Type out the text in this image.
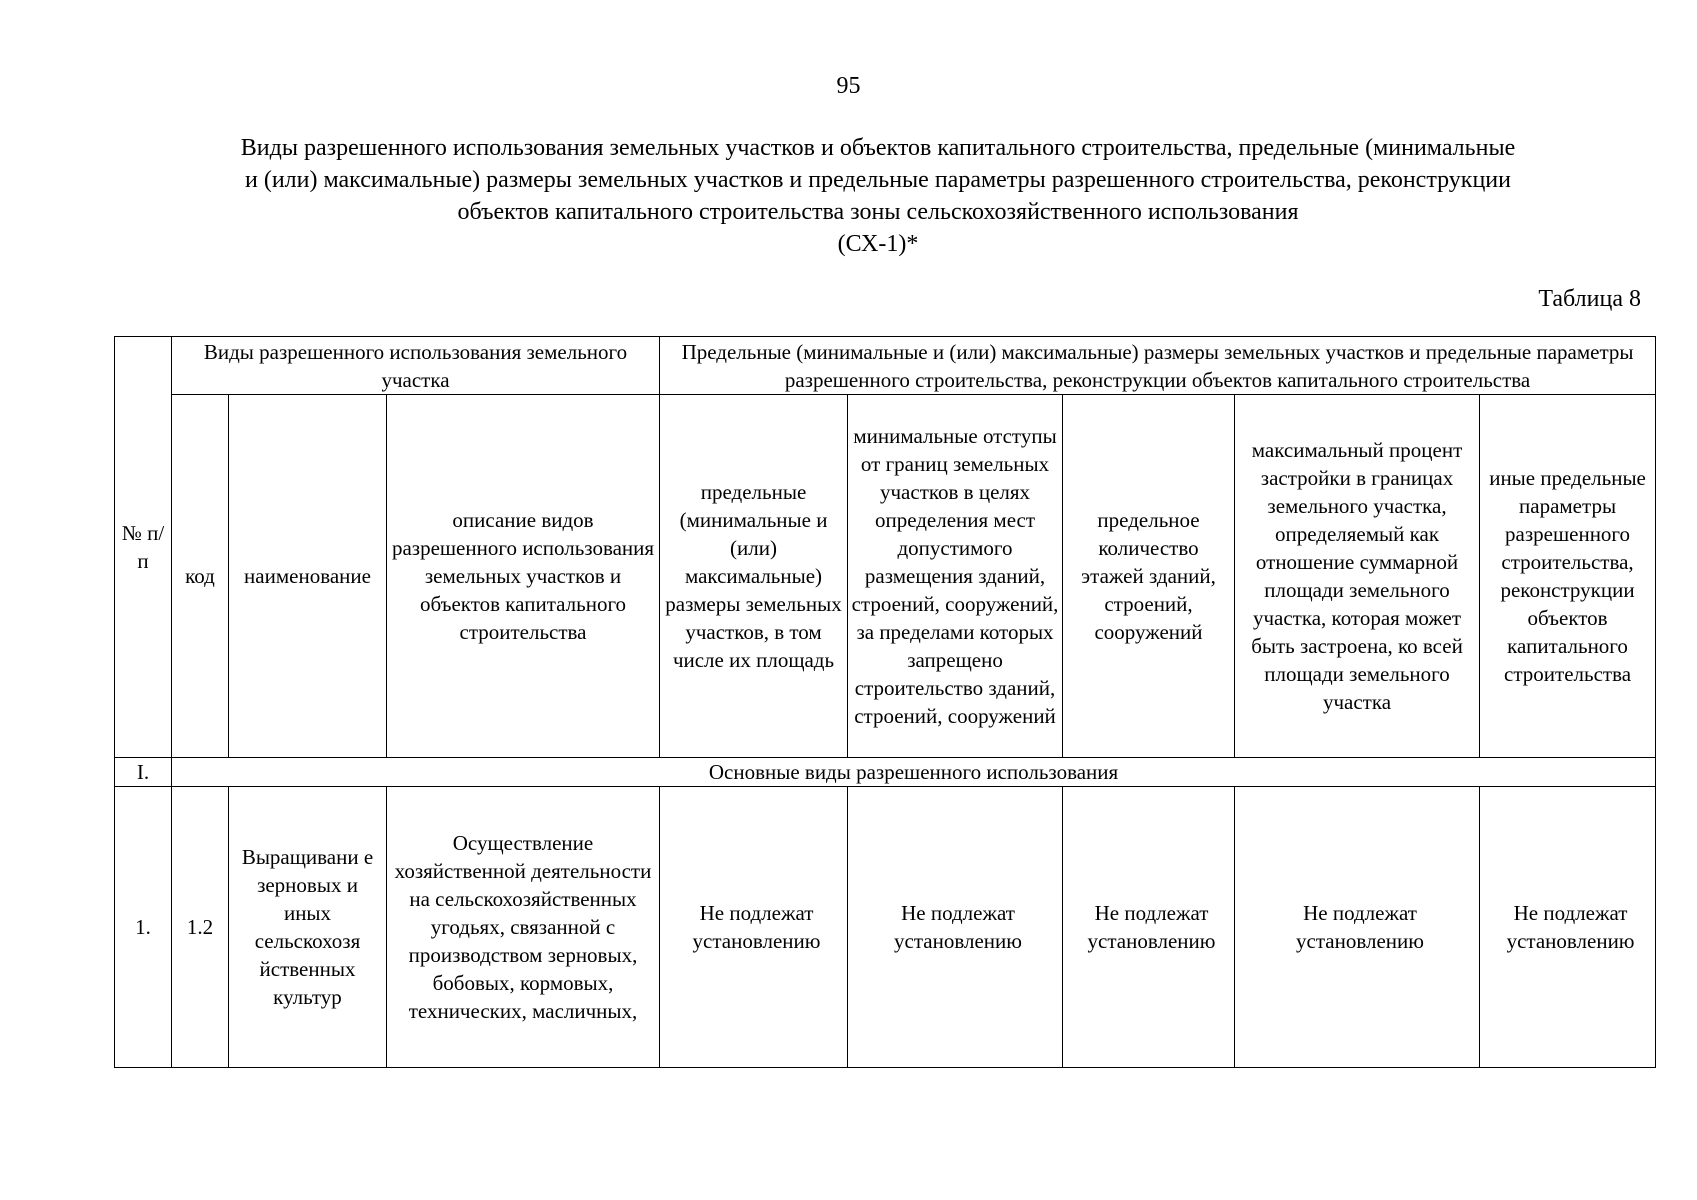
95
Виды разрешенного использования земельных участков и объектов капитального строительства, предельные (минимальные
и (или) максимальные) размеры земельных участков и предельные параметры разрешенного строительства, реконструкции
объектов капитального строительства зоны сельскохозяйственного использования
(СХ-1)*
Таблица 8
№ п/п	Виды разрешенного использования земельного участка			Предельные (минимальные и (или) максимальные) размеры земельных участков и предельные параметры разрешенного строительства, реконструкции объектов капитального строительства				
	код	наименование	описание видов разрешенного использования земельных участков и объектов капитального строительства	предельные (минимальные и (или) максимальные) размеры земельных участков, в том числе их площадь	минимальные отступы от границ земельных участков в целях определения мест допустимого размещения зданий, строений, сооружений, за пределами которых запрещено строительство зданий, строений, сооружений	предельное количество этажей зданий, строений, сооружений	максимальный процент застройки в границах земельного участка, определяемый как отношение суммарной площади земельного участка, которая может быть застроена, ко всей площади земельного участка	иные предельные параметры разрешенного строительства, реконструкции объектов капитального строительства
I.	Основные виды разрешенного использования							
1.	1.2	Выращивани е зерновых и иных сельскохозя йственных культур	Осуществление хозяйственной деятельности на сельскохозяйственных угодьях, связанной с производством зерновых, бобовых, кормовых, технических, масличных,	Не подлежат установлению	Не подлежат установлению	Не подлежат установлению	Не подлежат установлению	Не подлежат установлению
